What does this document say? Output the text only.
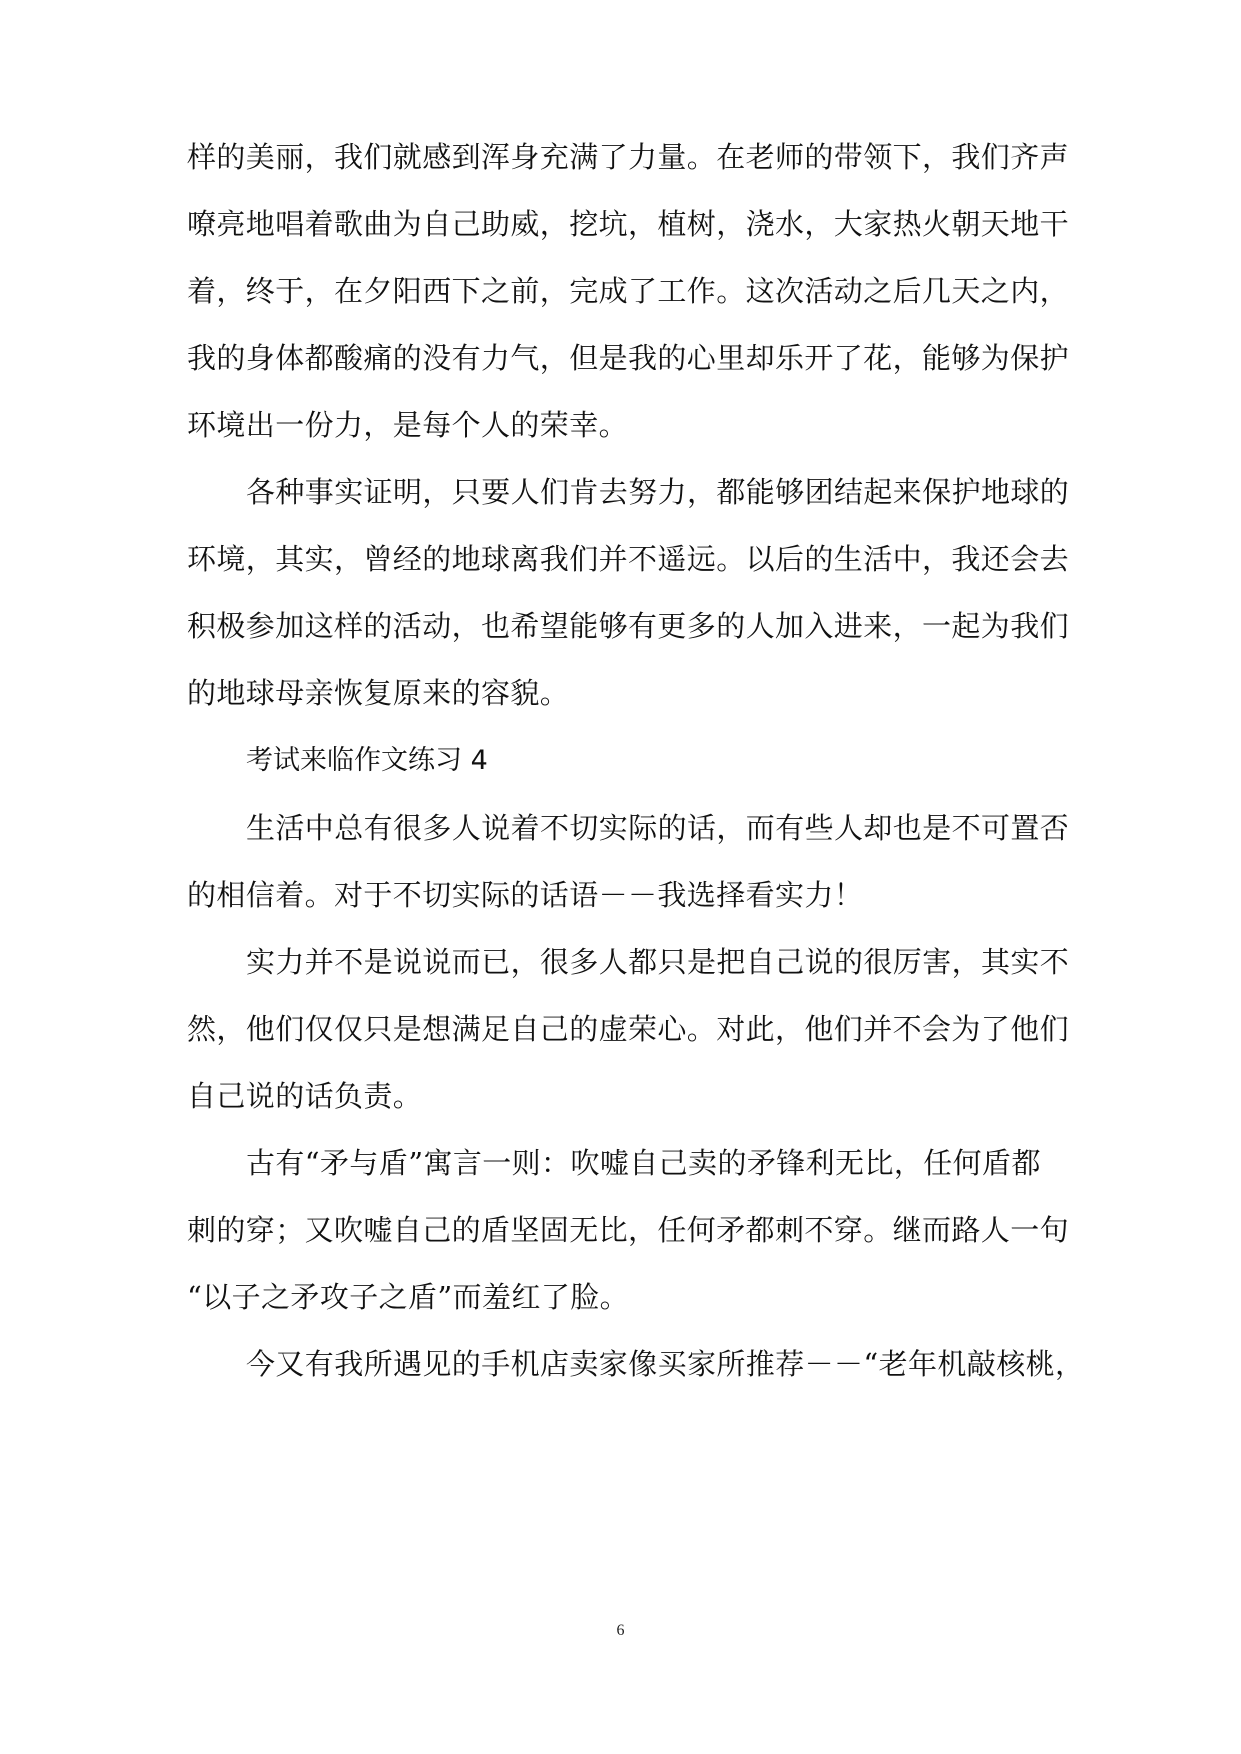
样的美丽，我们就感到浑身充满了力量。在老师的带领下，我们齐声
嘹亮地唱着歌曲为自己助威，挖坑，植树，浇水，大家热火朝天地干
着，终于，在夕阳西下之前，完成了工作。这次活动之后几天之内，
我的身体都酸痛的没有力气，但是我的心里却乐开了花，能够为保护
环境出一份力，是每个人的荣幸。
各种事实证明，只要人们肯去努力，都能够团结起来保护地球的
环境，其实，曾经的地球离我们并不遥远。以后的生活中，我还会去
积极参加这样的活动，也希望能够有更多的人加入进来，一起为我们
的地球母亲恢复原来的容貌。
考试来临作文练习 4
生活中总有很多人说着不切实际的话，而有些人却也是不可置否
的相信着。对于不切实际的话语－－我选择看实力！
实力并不是说说而已，很多人都只是把自己说的很厉害，其实不
然，他们仅仅只是想满足自己的虚荣心。对此，他们并不会为了他们
自己说的话负责。
古有“矛与盾”寓言一则：吹嘘自己卖的矛锋利无比，任何盾都
刺的穿；又吹嘘自己的盾坚固无比，任何矛都刺不穿。继而路人一句
“以子之矛攻子之盾”而羞红了脸。
今又有我所遇见的手机店卖家像买家所推荐－－“老年机敲核桃，
6
